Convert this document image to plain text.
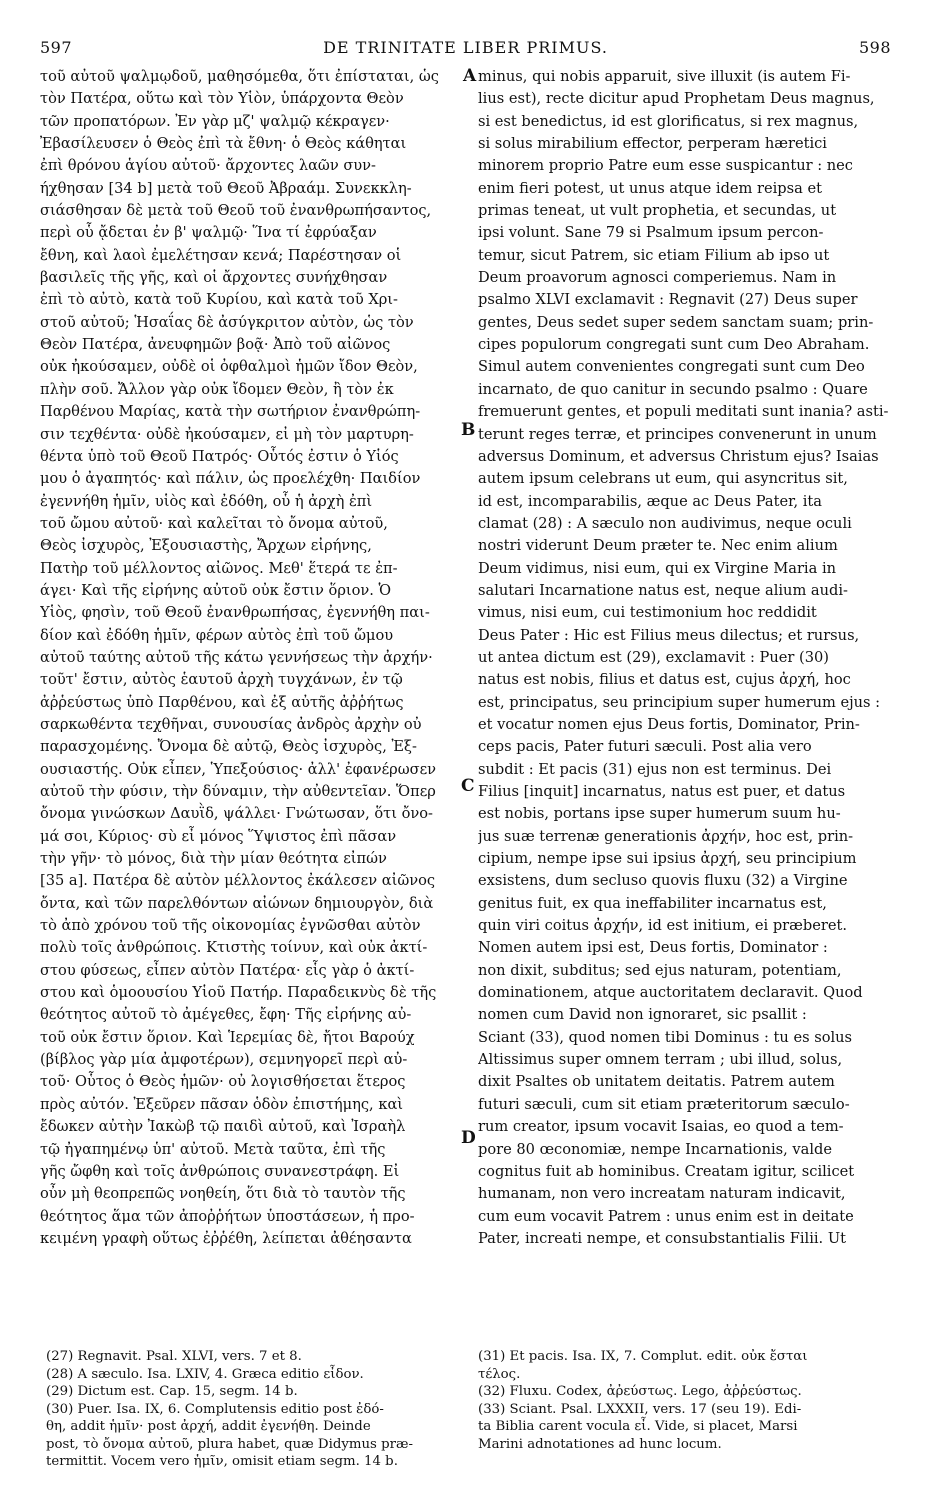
597	DE TRINITATE LIBER PRIMUS.	598
τοῦ αὐτοῦ ψαλμῳδοῦ, μαθησόμεθα, ὅτι ἐπίσταται, ὡς
τὸν Πατέρα, οὕτω καὶ τὸν Υἱὸν, ὑπάρχοντα Θεὸν
τῶν προπατόρων. Ἐν γὰρ μζ' ψαλμῷ κέκραγεν·
Ἐβασίλευσεν ὁ Θεὸς ἐπὶ τὰ ἔθνη· ὁ Θεὸς κάθηται
ἐπὶ θρόνου ἁγίου αὐτοῦ· ἄρχοντες λαῶν συν-
ήχθησαν [34 b] μετὰ τοῦ Θεοῦ Ἀβραάμ. Συνεκκλη-
σιάσθησαν δὲ μετὰ τοῦ Θεοῦ τοῦ ἐνανθρωπήσαντος,
περὶ οὗ ᾄδεται ἐν β' ψαλμῷ· Ἵνα τί ἐφρύαξαν
ἔθνη, καὶ λαοὶ ἐμελέτησαν κενά; Παρέστησαν οἱ
βασιλεῖς τῆς γῆς, καὶ οἱ ἄρχοντες συνήχθησαν
ἐπὶ τὸ αὐτὸ, κατὰ τοῦ Κυρίου, καὶ κατὰ τοῦ Χρι-
στοῦ αὐτοῦ; Ἡσαΐας δὲ ἀσύγκριτον αὐτὸν, ὡς τὸν
Θεὸν Πατέρα, ἀνευφημῶν βοᾷ· Ἀπὸ τοῦ αἰῶνος
οὐκ ἠκούσαμεν, οὐδὲ οἱ ὀφθαλμοὶ ἡμῶν ἴδον Θεὸν,
πλὴν σοῦ. Ἄλλον γὰρ οὐκ ἴδομεν Θεὸν, ἢ τὸν ἐκ
Παρθένου Μαρίας, κατὰ τὴν σωτήριον ἐνανθρώπη-
σιν τεχθέντα· οὐδὲ ἠκούσαμεν, εἰ μὴ τὸν μαρτυρη-
θέντα ὑπὸ τοῦ Θεοῦ Πατρός· Οὗτός ἐστιν ὁ Υἱός
μου ὁ ἀγαπητός· καὶ πάλιν, ὡς προελέχθη· Παιδίον
ἐγεννήθη ἡμῖν, υἱὸς καὶ ἐδόθη, οὗ ἡ ἀρχὴ ἐπὶ
τοῦ ὤμου αὐτοῦ· καὶ καλεῖται τὸ ὄνομα αὐτοῦ,
Θεὸς ἰσχυρὸς, Ἐξουσιαστὴς, Ἄρχων εἰρήνης,
Πατὴρ τοῦ μέλλοντος αἰῶνος. Μεθ' ἕτερά τε ἐπ-
άγει· Καὶ τῆς εἰρήνης αὐτοῦ οὐκ ἔστιν ὅριον. Ὁ
Υἱὸς, φησὶν, τοῦ Θεοῦ ἐνανθρωπήσας, ἐγεννήθη παι-
δίον καὶ ἐδόθη ἡμῖν, φέρων αὐτὸς ἐπὶ τοῦ ὤμου
αὐτοῦ ταύτης αὐτοῦ τῆς κάτω γεννήσεως τὴν ἀρχήν·
τοῦτ' ἔστιν, αὐτὸς ἑαυτοῦ ἀρχὴ τυγχάνων, ἐν τῷ
ἀῤῥεύστως ὑπὸ Παρθένου, καὶ ἐξ αὐτῆς ἀῤῥήτως
σαρκωθέντα τεχθῆναι, συνουσίας ἀνδρὸς ἀρχὴν οὐ
παρασχομένης. Ὄνομα δὲ αὐτῷ, Θεὸς ἰσχυρὸς, Ἐξ-
ουσιαστής. Οὐκ εἶπεν, Ὑπεξούσιος· ἀλλ' ἐφανέρωσεν
αὐτοῦ τὴν φύσιν, τὴν δύναμιν, τὴν αὐθεντεῖαν. Ὅπερ
ὄνομα γινώσκων Δαυῒδ, ψάλλει· Γνώτωσαν, ὅτι ὄνο-
μά σοι, Κύριος· σὺ εἶ μόνος Ὕψιστος ἐπὶ πᾶσαν
τὴν γῆν· τὸ μόνος, διὰ τὴν μίαν θεότητα εἰπών
[35 a]. Πατέρα δὲ αὐτὸν μέλλοντος ἐκάλεσεν αἰῶνος
ὄντα, καὶ τῶν παρελθόντων αἰώνων δημιουργὸν, διὰ
τὸ ἀπὸ χρόνου τοῦ τῆς οἰκονομίας ἐγνῶσθαι αὐτὸν
πολὺ τοῖς ἀνθρώποις. Κτιστὴς τοίνυν, καὶ οὐκ ἀκτί-
στου φύσεως, εἶπεν αὐτὸν Πατέρα· εἷς γὰρ ὁ ἀκτί-
στου καὶ ὁμοουσίου Υἱοῦ Πατήρ. Παραδεικνὺς δὲ τῆς
θεότητος αὐτοῦ τὸ ἀμέγεθες, ἔφη· Τῆς εἰρήνης αὐ-
τοῦ οὐκ ἔστιν ὅριον. Καὶ Ἱερεμίας δὲ, ἤτοι Βαρούχ
(βίβλος γὰρ μία ἀμφοτέρων), σεμνηγορεῖ περὶ αὐ-
τοῦ· Οὗτος ὁ Θεὸς ἡμῶν· οὐ λογισθήσεται ἕτερος
πρὸς αὐτόν. Ἐξεῦρεν πᾶσαν ὁδὸν ἐπιστήμης, καὶ
ἔδωκεν αὐτὴν Ἰακὼβ τῷ παιδὶ αὐτοῦ, καὶ Ἰσραὴλ
τῷ ἠγαπημένῳ ὑπ' αὐτοῦ. Μετὰ ταῦτα, ἐπὶ τῆς
γῆς ὤφθη καὶ τοῖς ἀνθρώποις συνανεστράφη. Εἰ
οὖν μὴ θεοπρεπῶς νοηθείη, ὅτι διὰ τὸ ταυτὸν τῆς
θεότητος ἅμα τῶν ἀποῤῥήτων ὑποστάσεων, ἡ προ-
κειμένη γραφὴ οὕτως ἐῤῥέθη, λείπεται ἀθέησαντα
minus, qui nobis apparuit, sive illuxit (is autem Fi-
lius est), recte dicitur apud Prophetam Deus magnus,
si est benedictus, id est glorificatus, si rex magnus,
si solus mirabilium effector, perperam hæretici
minorem proprio Patre eum esse suspicantur : nec
enim fieri potest, ut unus atque idem reipsa et
primas teneat, ut vult prophetia, et secundas, ut
ipsi volunt. Sane 79 si Psalmum ipsum percon-
temur, sicut Patrem, sic etiam Filium ab ipso ut
Deum proavorum agnosci comperiemus. Nam in
psalmo XLVI exclamavit : Regnavit (27) Deus super
gentes, Deus sedet super sedem sanctam suam; prin-
cipes populorum congregati sunt cum Deo Abraham.
Simul autem convenientes congregati sunt cum Deo
incarnato, de quo canitur in secundo psalmo : Quare
fremuerunt gentes, et populi meditati sunt inania? asti-
terunt reges terræ, et principes convenerunt in unum
adversus Dominum, et adversus Christum ejus? Isaias
autem ipsum celebrans ut eum, qui asyncritus sit,
id est, incomparabilis, æque ac Deus Pater, ita
clamat (28) : A sæculo non audivimus, neque oculi
nostri viderunt Deum præter te. Nec enim alium
Deum vidimus, nisi eum, qui ex Virgine Maria in
salutari Incarnatione natus est, neque alium audi-
vimus, nisi eum, cui testimonium hoc reddidit
Deus Pater : Hic est Filius meus dilectus; et rursus,
ut antea dictum est (29), exclamavit : Puer (30)
natus est nobis, filius et datus est, cujus ἀρχή, hoc
est, principatus, seu principium super humerum ejus :
et vocatur nomen ejus Deus fortis, Dominator, Prin-
ceps pacis, Pater futuri sæculi. Post alia vero
subdit : Et pacis (31) ejus non est terminus. Dei
Filius [inquit] incarnatus, natus est puer, et datus
est nobis, portans ipse super humerum suum hu-
jus suæ terrenæ generationis ἀρχήν, hoc est, prin-
cipium, nempe ipse sui ipsius ἀρχή, seu principium
exsistens, dum secluso quovis fluxu (32) a Virgine
genitus fuit, ex qua ineffabiliter incarnatus est,
quin viri coitus ἀρχήν, id est initium, ei præberet.
Nomen autem ipsi est, Deus fortis, Dominator :
non dixit, subditus; sed ejus naturam, potentiam,
dominationem, atque auctoritatem declaravit. Quod
nomen cum David non ignoraret, sic psallit :
Sciant (33), quod nomen tibi Dominus : tu es solus
Altissimus super omnem terram ; ubi illud, solus,
dixit Psaltes ob unitatem deitatis. Patrem autem
futuri sæculi, cum sit etiam præteritorum sæculo-
rum creator, ipsum vocavit Isaias, eo quod a tem-
pore 80 œconomiæ, nempe Incarnationis, valde
cognitus fuit ab hominibus. Creatam igitur, scilicet
humanam, non vero increatam naturam indicavit,
cum eum vocavit Patrem : unus enim est in deitate
Pater, increati nempe, et consubstantialis Filii. Ut
A
B
C
D
(27) Regnavit. Psal. XLVI, vers. 7 et 8.
(28) A sæculo. Isa. LXIV, 4. Græca editio εἶδον.
(29) Dictum est. Cap. 15, segm. 14 b.
(30) Puer. Isa. IX, 6. Complutensis editio post ἐδό-
θη, addit ἡμῖν· post ἀρχή, addit ἐγενήθη. Deinde
post, τὸ ὄνομα αὐτοῦ, plura habet, quæ Didymus præ-
termittit. Vocem vero ἡμῖν, omisit etiam segm. 14 b.
(31) Et pacis. Isa. IX, 7. Complut. edit. οὐκ ἔσται
τέλος.
(32) Fluxu. Codex, ἀῤεύστως. Lego, ἀῤῥεύστως.
(33) Sciant. Psal. LXXXII, vers. 17 (seu 19). Edi-
ta Biblia carent vocula εἶ. Vide, si placet, Marsi
Marini adnotationes ad hunc locum.
